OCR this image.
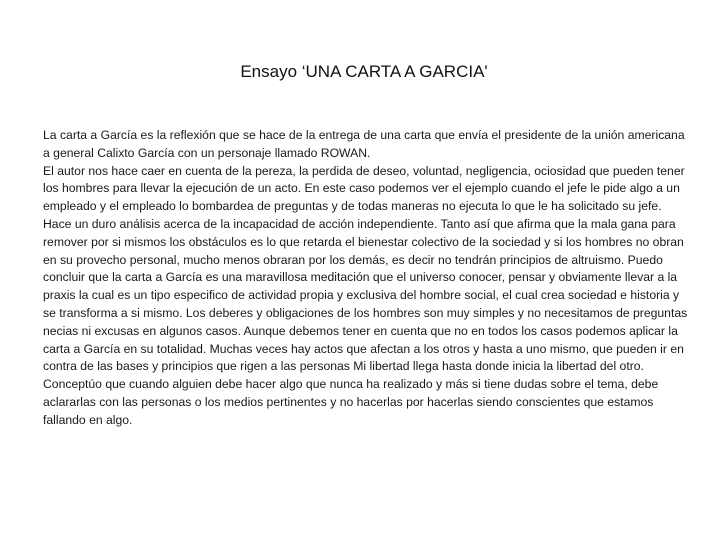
Ensayo ‘UNA CARTA A GARCIA'
La carta a García es la reflexión que se hace de la entrega de una carta que envía el presidente de la unión americana
a general Calixto García con un personaje llamado ROWAN.
El autor nos hace caer en cuenta de la pereza, la perdida de deseo, voluntad, negligencia, ociosidad que pueden tener
los hombres para llevar la ejecución de un acto. En este caso podemos ver el ejemplo cuando el jefe le pide algo a un
empleado y el empleado lo bombardea de preguntas y de todas maneras no ejecuta lo que le ha solicitado su jefe.
Hace un duro análisis acerca de la incapacidad de acción independiente. Tanto así que afirma que la mala gana para
remover por si mismos los obstáculos es lo que retarda el bienestar colectivo de la sociedad y si los hombres no obran
en su provecho personal, mucho menos obraran por los demás, es decir no tendrán principios de altruismo. Puedo
concluir que la carta a García es una maravillosa meditación que el universo conocer, pensar y obviamente llevar a la
praxis la cual es un tipo especifico de actividad propia y exclusiva del hombre social, el cual crea sociedad e historia y
se transforma a si mismo. Los deberes y obligaciones de los hombres son muy simples y no necesitamos de preguntas
necias ni excusas en algunos casos. Aunque debemos tener en cuenta que no en todos los casos podemos aplicar la
carta a García en su totalidad. Muchas veces hay actos que afectan a los otros y hasta a uno mismo, que pueden ir en
contra de las bases y principios que rigen a las personas Mi libertad llega hasta donde inicia la libertad del otro.
Conceptúo que cuando alguien debe hacer algo que nunca ha realizado y más si tiene dudas sobre el tema, debe
aclararlas con las personas o los medios pertinentes y no hacerlas por hacerlas siendo conscientes que estamos
fallando en algo.
